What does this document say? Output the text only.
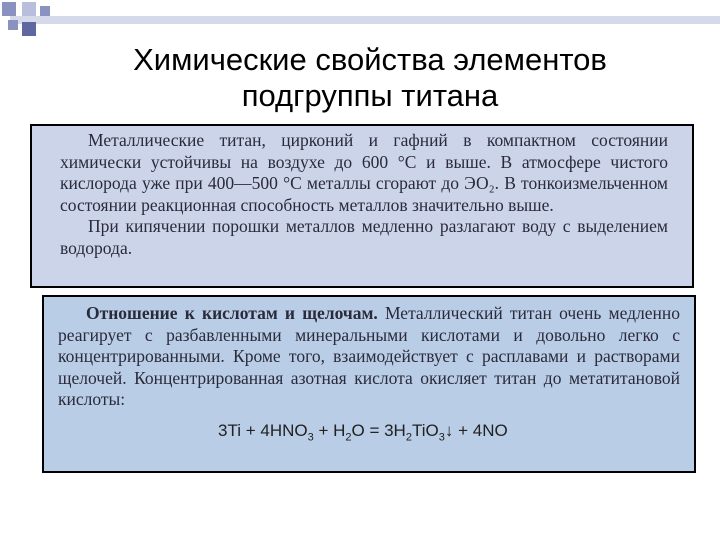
Химические свойства элементов
подгруппы титана

Металлические титан, цирконий и гафний в компактном состоянии химически устойчивы на воздухе до 600 °С и выше. В атмосфере чистого кислорода уже при 400—500 °С металлы сгорают до ЭО₂. В тонкоизмельченном состоянии реакционная способность металлов значительно выше.

При кипячении порошки металлов медленно разлагают воду с выделением водорода.

Отношение к кислотам и щелочам. Металлический титан очень медленно реагирует с разбавленными минеральными кислотами и довольно легко с концентрированными. Кроме того, взаимодействует с расплавами и растворами щелочей. Концентрированная азотная кислота окисляет титан до метатитановой кислоты:

$3Ti + 4HNO_3 + H_2O$ = $3H_2TiO_3↓ + 4NO$
